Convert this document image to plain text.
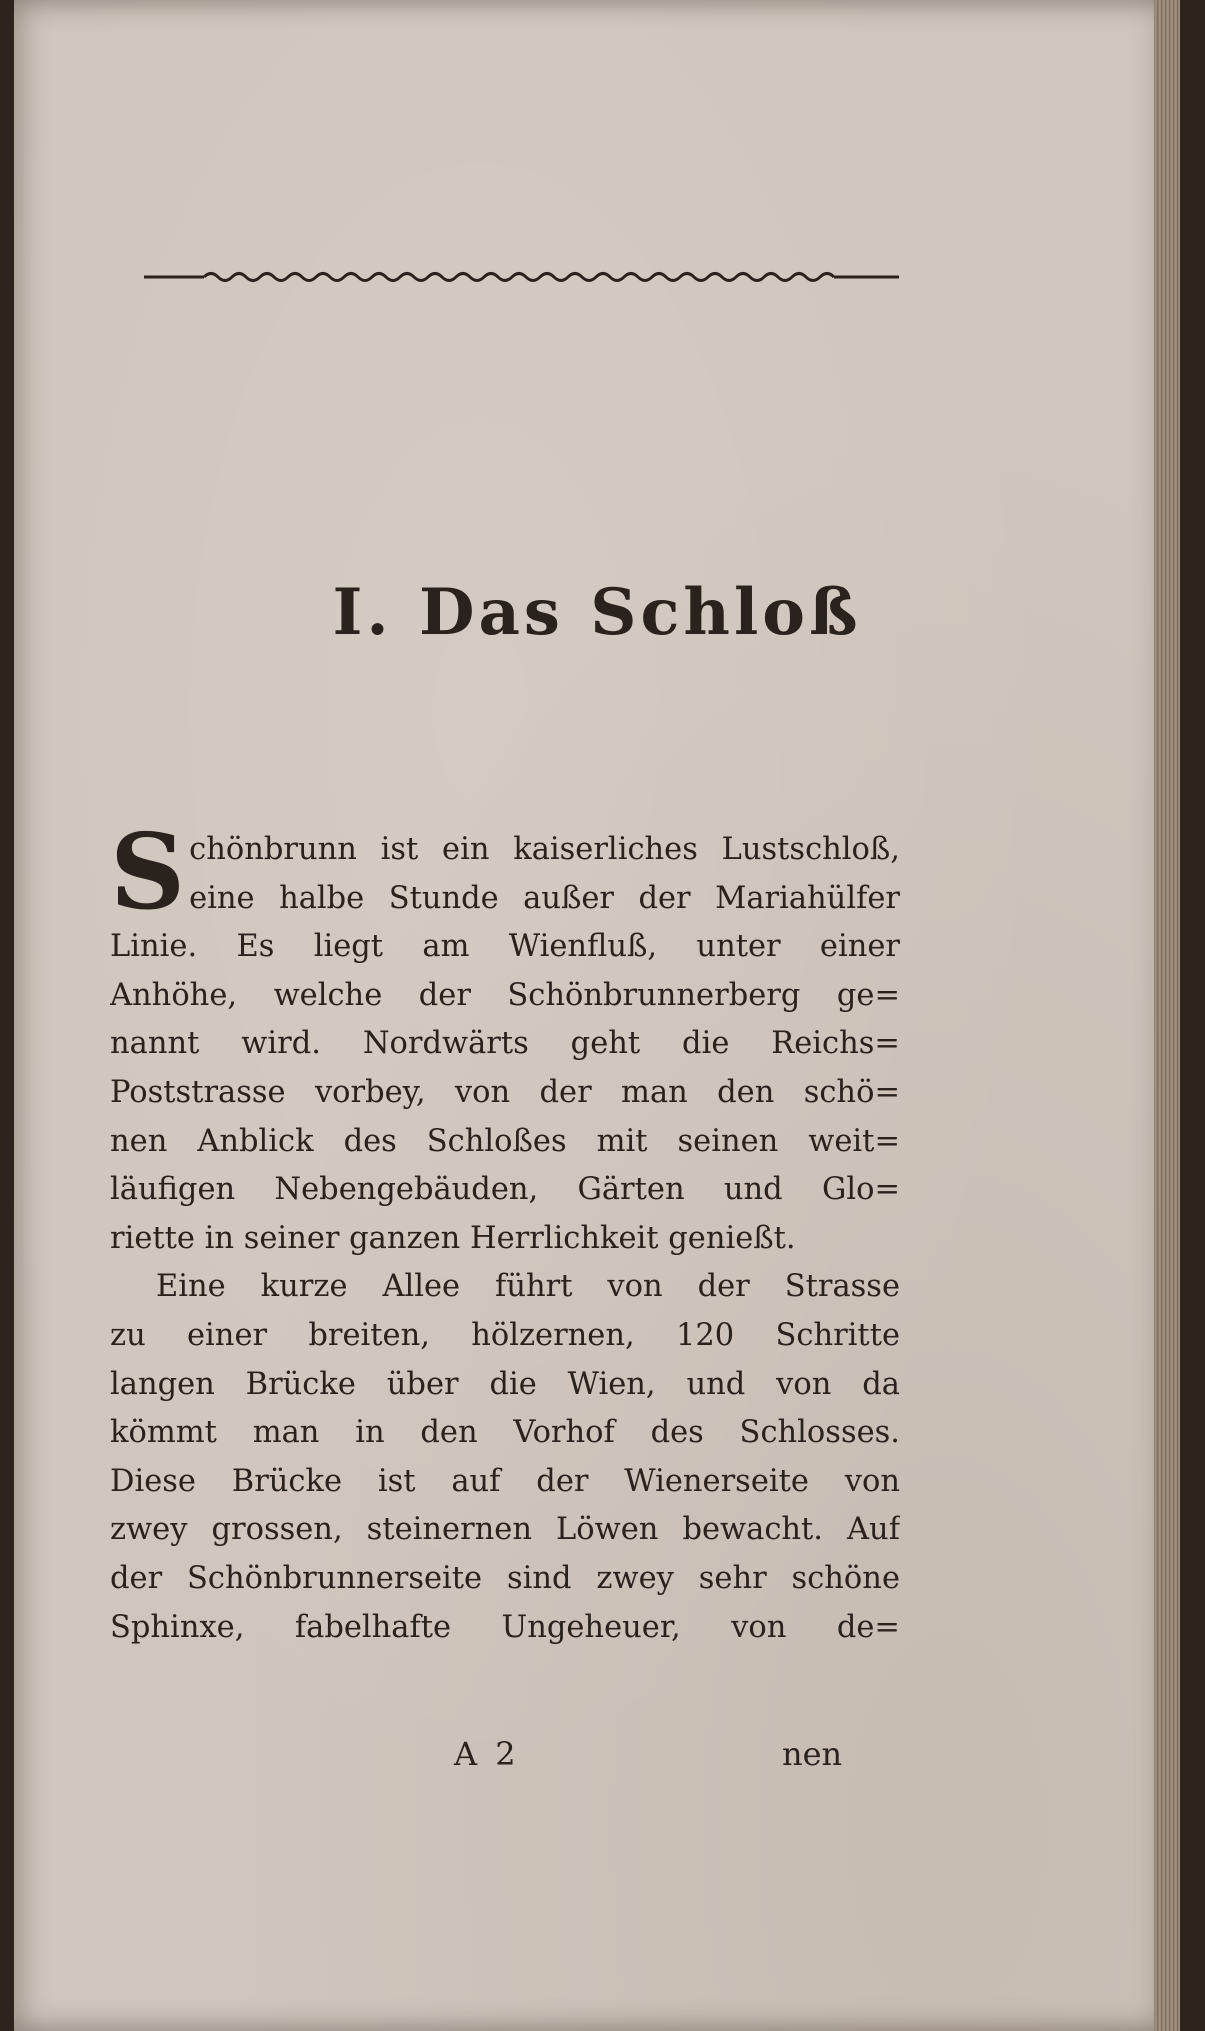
I. Das Schloß
Schönbrunn ist ein kaiserliches Lustschloß,
eine halbe Stunde außer der Mariahülfer
Linie. Es liegt am Wienfluß, unter einer
Anhöhe, welche der Schönbrunnerberg ge=
nannt wird. Nordwärts geht die Reichs=
Poststrasse vorbey, von der man den schö=
nen Anblick des Schloßes mit seinen weit=
läufigen Nebengebäuden, Gärten und Glo=
riette in seiner ganzen Herrlichkeit genießt.
Eine kurze Allee führt von der Strasse
zu einer breiten, hölzernen, 120 Schritte
langen Brücke über die Wien, und von da
kömmt man in den Vorhof des Schlosses.
Diese Brücke ist auf der Wienerseite von
zwey grossen, steinernen Löwen bewacht. Auf
der Schönbrunnerseite sind zwey sehr schöne
Sphinxe, fabelhafte Ungeheuer, von de=
A 2	nen
